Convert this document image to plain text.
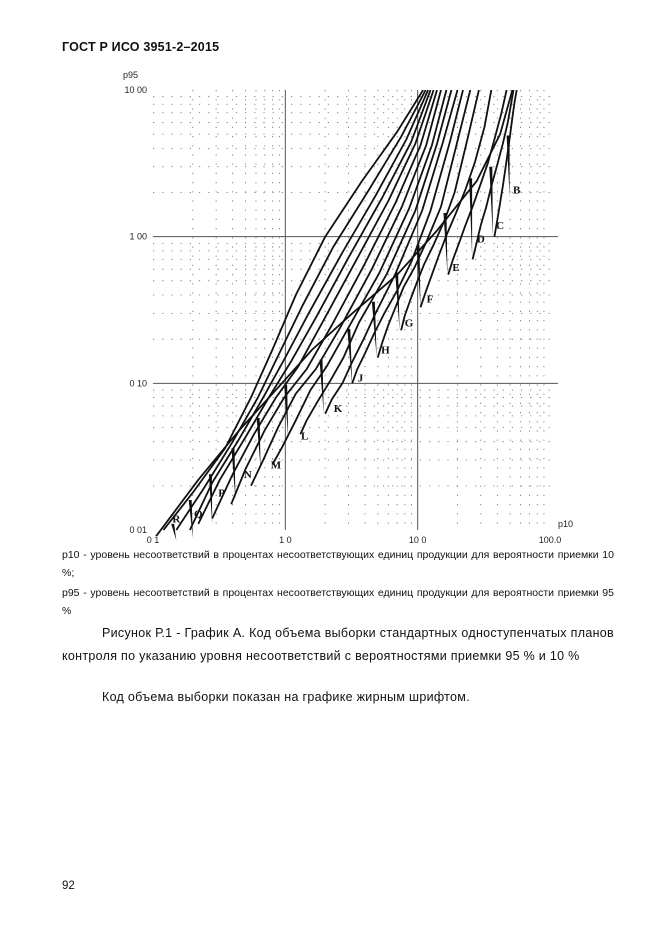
ГОСТ Р ИСО 3951-2–2015
0 1	1 0	10 0	100.0
10 00
1 00
0 10
0 01
R Q
P
N
M
L
K
J
H
G
F
E
D
C
B
p95
p10
p10 - уровень несоответствий в процентах несоответствующих единиц продукции для вероятности приемки 10 %;
p95 - уровень несоответствий в процентах несоответствующих единиц продукции для вероятности приемки 95 %
Рисунок Р.1 - График А. Код объема выборки стандартных одноступенчатых планов контроля по указанию уровня несоответствий с вероятностями приемки 95 % и 10 %
Код объема выборки показан на графике жирным шрифтом.
92
